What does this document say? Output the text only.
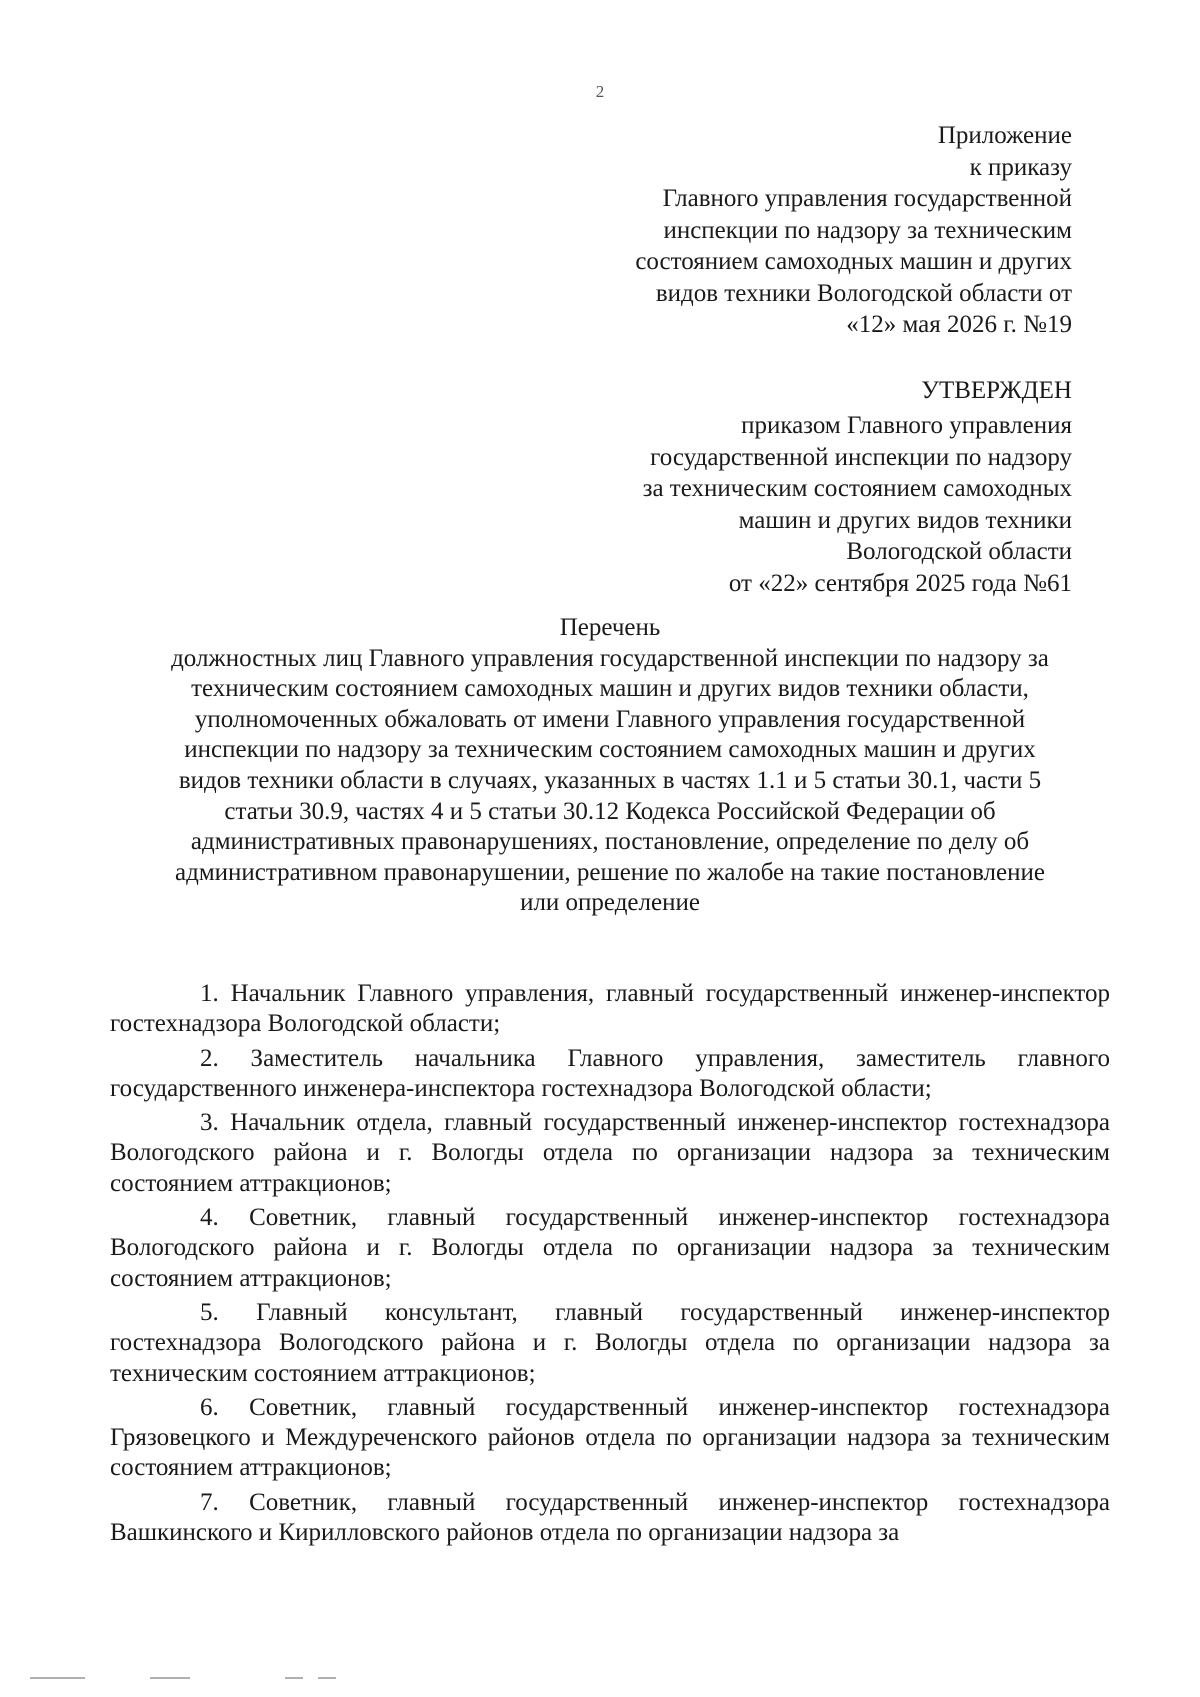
2
Приложение
к приказу
Главного управления государственной
инспекции по надзору за техническим
состоянием самоходных машин и других
видов техники Вологодской области от
«12» мая 2026 г. №19
УТВЕРЖДЕН
приказом Главного управления
государственной инспекции по надзору
за техническим состоянием самоходных
машин и других видов техники
Вологодской области
от «22» сентября 2025 года №61
Перечень
должностных лиц Главного управления государственной инспекции по надзору за
техническим состоянием самоходных машин и других видов техники области,
уполномоченных обжаловать от имени Главного управления государственной
инспекции по надзору за техническим состоянием самоходных машин и других
видов техники области в случаях, указанных в частях 1.1 и 5 статьи 30.1, части 5
статьи 30.9, частях 4 и 5 статьи 30.12 Кодекса Российской Федерации об
административных правонарушениях, постановление, определение по делу об
административном правонарушении, решение по жалобе на такие постановление
или определение

1. Начальник Главного управления, главный государственный инженер-инспектор гостехнадзора Вологодской области;

2. Заместитель начальника Главного управления, заместитель главного государственного инженера-инспектора гостехнадзора Вологодской области;

3. Начальник отдела, главный государственный инженер-инспектор гостехнадзора Вологодского района и г. Вологды отдела по организации надзора за техническим состоянием аттракционов;

4. Советник, главный государственный инженер-инспектор гостехнадзора Вологодского района и г. Вологды отдела по организации надзора за техническим состоянием аттракционов;

5. Главный консультант, главный государственный инженер-инспектор гостехнадзора Вологодского района и г. Вологды отдела по организации надзора за техническим состоянием аттракционов;

6. Советник, главный государственный инженер-инспектор гостехнадзора Грязовецкого и Междуреченского районов отдела по организации надзора за техническим состоянием аттракционов;

7. Советник, главный государственный инженер-инспектор гостехнадзора Вашкинского и Кирилловского районов отдела по организации надзора за
